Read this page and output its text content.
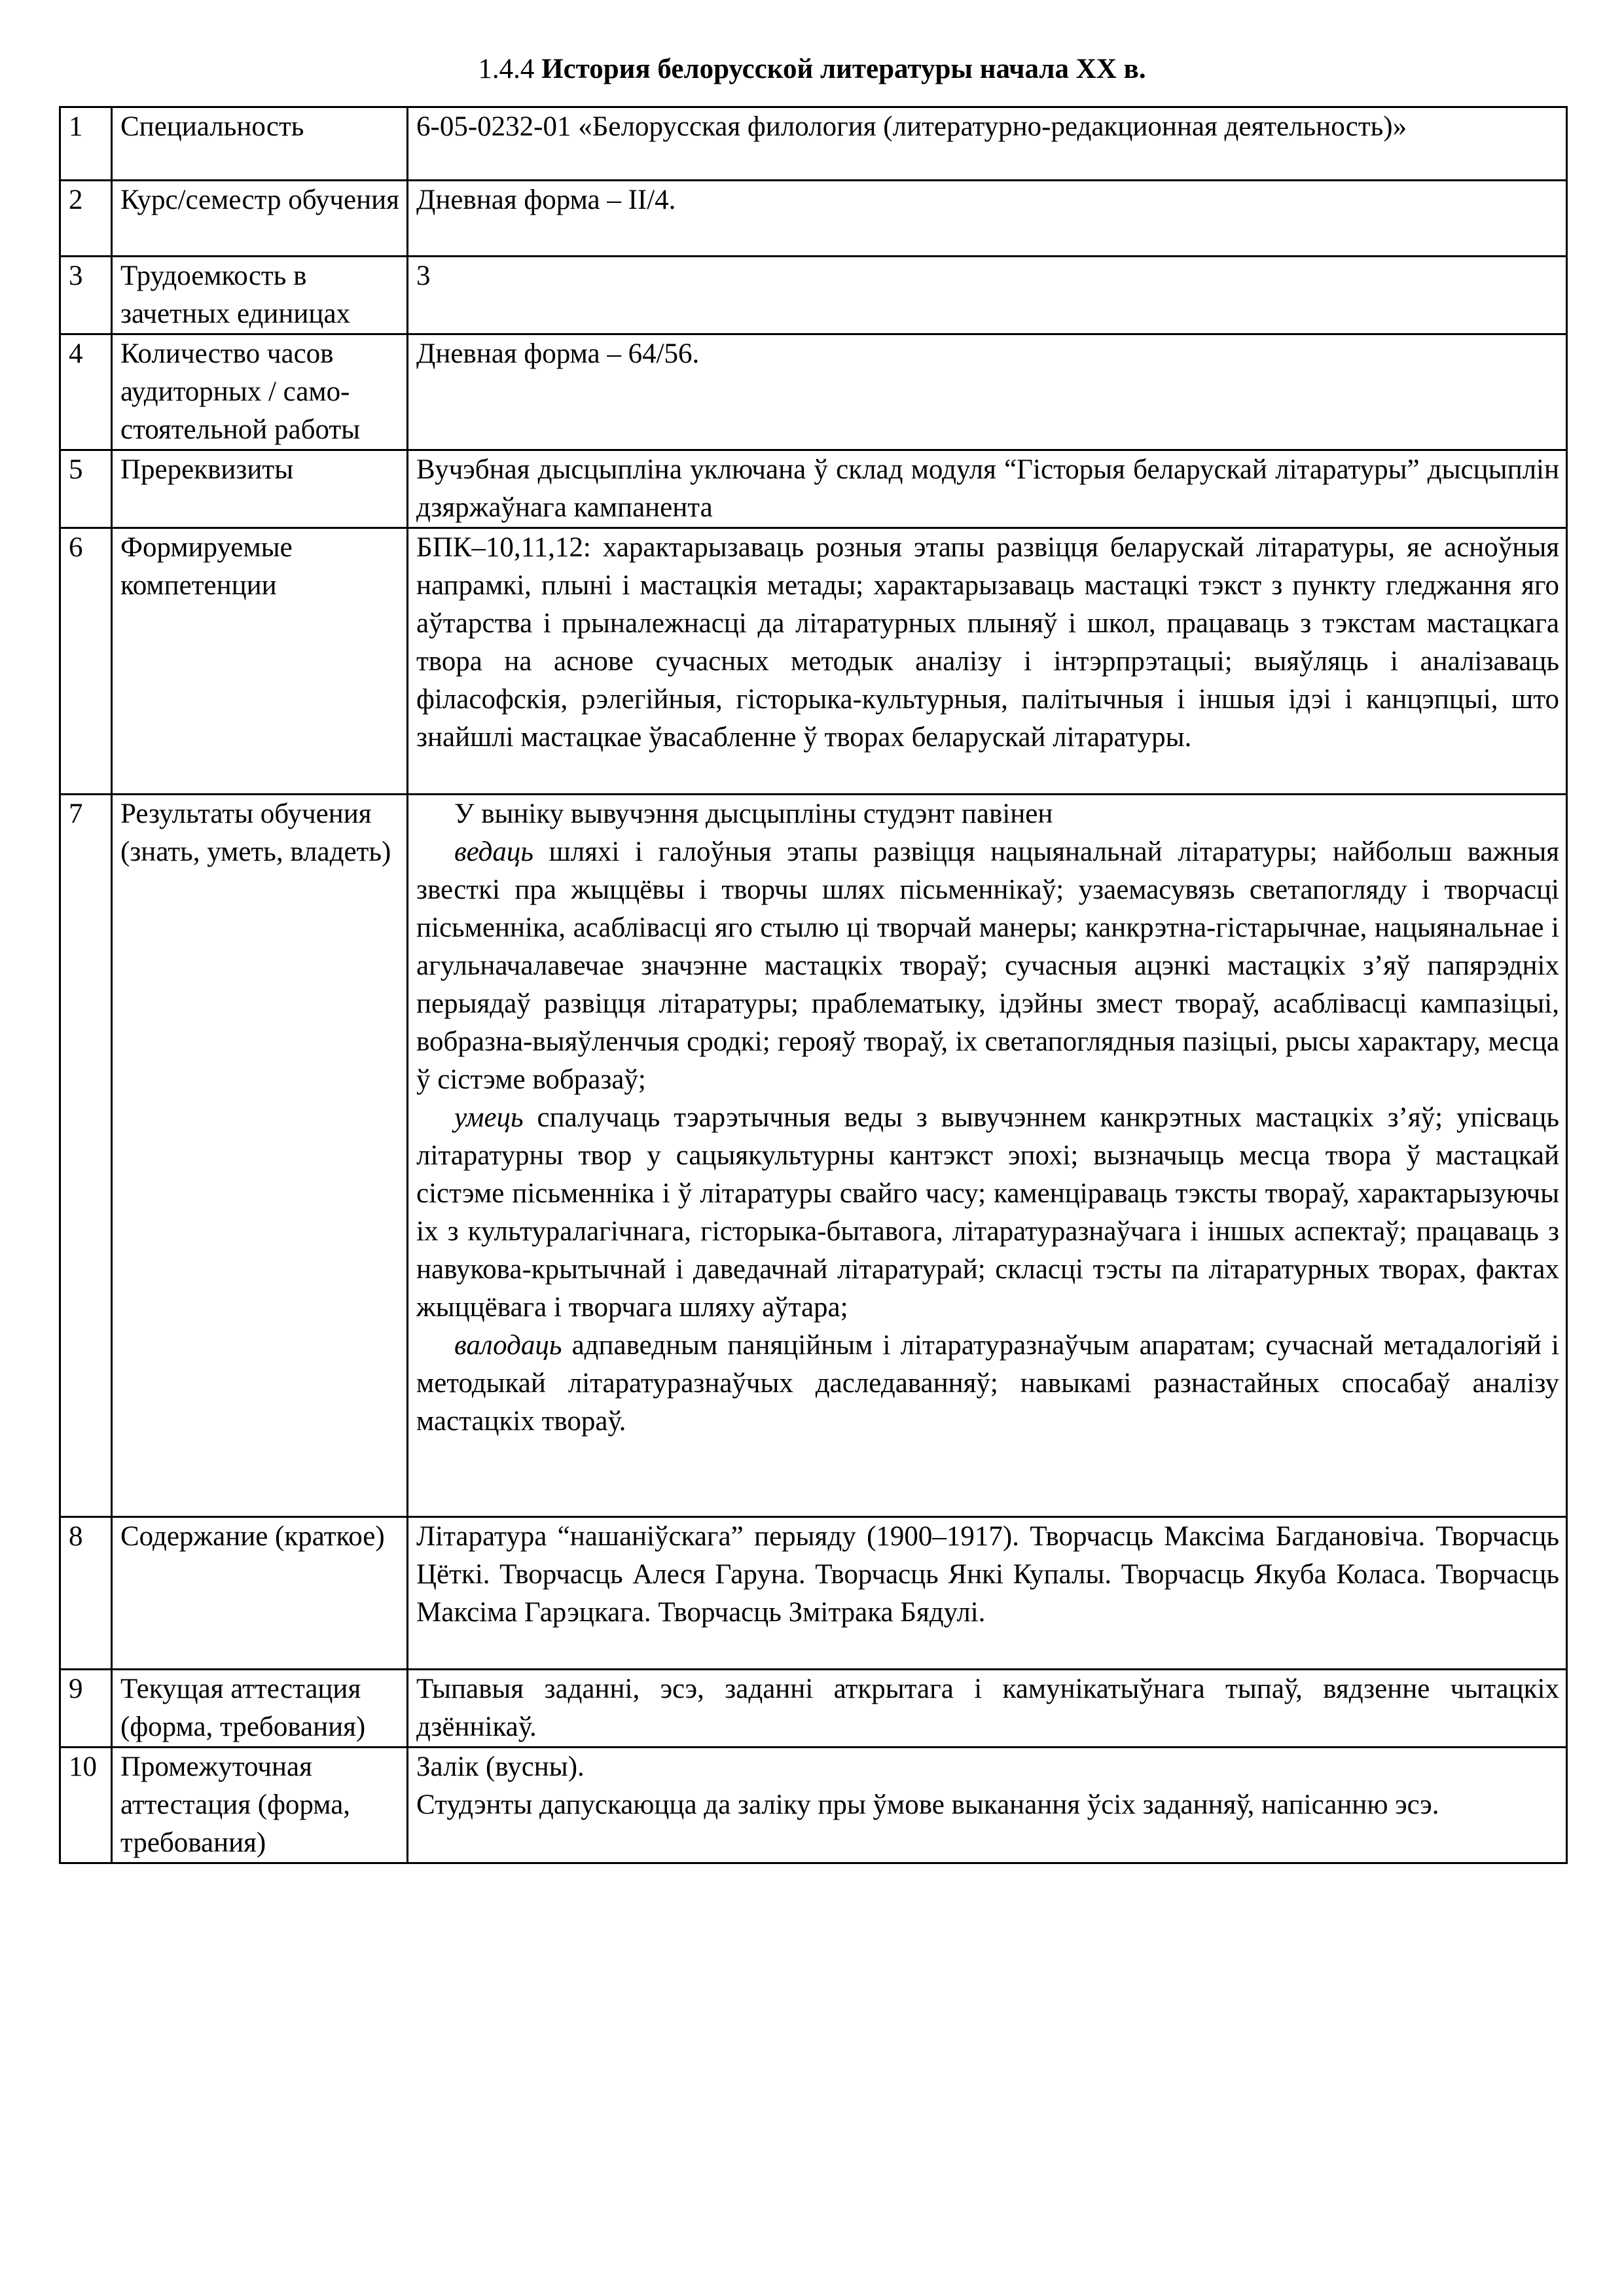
1.4.4 История белорусской литературы начала XX в.
1	Специальность	6-05-0232-01 «Белорусская филология (литературно-редакционная деятельность)»
2	Курс/семестр обучения	Дневная форма – II/4.
3	Трудоемкость в зачетных единицах	3
4	Количество часов аудиторных / само-стоятельной работы	Дневная форма – 64/56.
5	Пререквизиты	Вучэбная дысцыпліна уключана ў склад модуля “Гісторыя беларускай літаратуры” дысцыплін дзяржаўнага кампанента
6	Формируемые компетенции	БПК–10,11,12: характарызаваць розныя этапы развіцця беларускай літаратуры, яе асноўныя напрамкі, плыні і мастацкія метады; характарызаваць мастацкі тэкст з пункту гледжання яго аўтарства і прыналежнасці да літаратурных плыняў і школ, працаваць з тэкстам мастацкага твора на аснове сучасных методык аналізу і інтэрпрэтацыі; выяўляць і аналізаваць філасофскія, рэлегійныя, гісторыка-культурныя, палітычныя і іншыя ідэі і канцэпцыі, што знайшлі мастацкае ўвасабленне ў творах беларускай літаратуры.
7	Результаты обучения (знать, уметь, владеть)	У выніку вывучэння дысцыпліны студэнт павінен
ведаць шляхі і галоўныя этапы развіцця нацыянальнай літаратуры; найбольш важныя звесткі пра жыццёвы і творчы шлях пісьменнікаў; узаемасувязь светапогляду і творчасці пісьменніка, асаблівасці яго стылю ці творчай манеры; канкрэтна-гістарычнае, нацыянальнае і агульначалавечае значэнне мастацкіх твораў; сучасныя ацэнкі мастацкіх з’яў папярэдніх перыядаў развіцця літаратуры; праблематыку, ідэйны змест твораў, асаблівасці кампазіцыі, вобразна-выяўленчыя сродкі; герояў твораў, іх светапоглядныя пазіцыі, рысы характару, месца ў сістэме вобразаў;
умець спалучаць тэарэтычныя веды з вывучэннем канкрэтных мастацкіх з’яў; упісваць літаратурны твор у сацыякультурны кантэкст эпохі; вызначыць месца твора ў мастацкай сістэме пісьменніка і ў літаратуры свайго часу; каменціраваць тэксты твораў, характарызуючы іх з культуралагічнага, гісторыка-бытавога, літаратуразнаўчага і іншых аспектаў; працаваць з навукова-крытычнай і даведачнай літаратурай; скласці тэсты па літаратурных творах, фактах жыццёвага і творчага шляху аўтара;
валодаць адпаведным паняційным і літаратуразнаўчым апаратам; сучаснай метадалогіяй і методыкай літаратуразнаўчых даследаванняў; навыкамі разнастайных спосабаў аналізу мастацкіх твораў.

8	Содержание (краткое)	Літаратура “нашаніўскага” перыяду (1900–1917). Творчасць Максіма Багдановіча. Творчасць Цёткі. Творчасць Алеся Гаруна. Творчасць Янкі Купалы. Творчасць Якуба Коласа. Творчасць Максіма Гарэцкага. Творчасць Змітрака Бядулі.
9	Текущая аттестация (форма, требования)	Тыпавыя заданні, эсэ, заданні аткрытага і камунікатыўнага тыпаў, вядзенне чытацкіх дзённікаў.
10	Промежуточная аттестация (форма, требования)	Залік (вусны).
Студэнты дапускаюцца да заліку пры ўмове выканання ўсіх заданняў, напісанню эсэ.
